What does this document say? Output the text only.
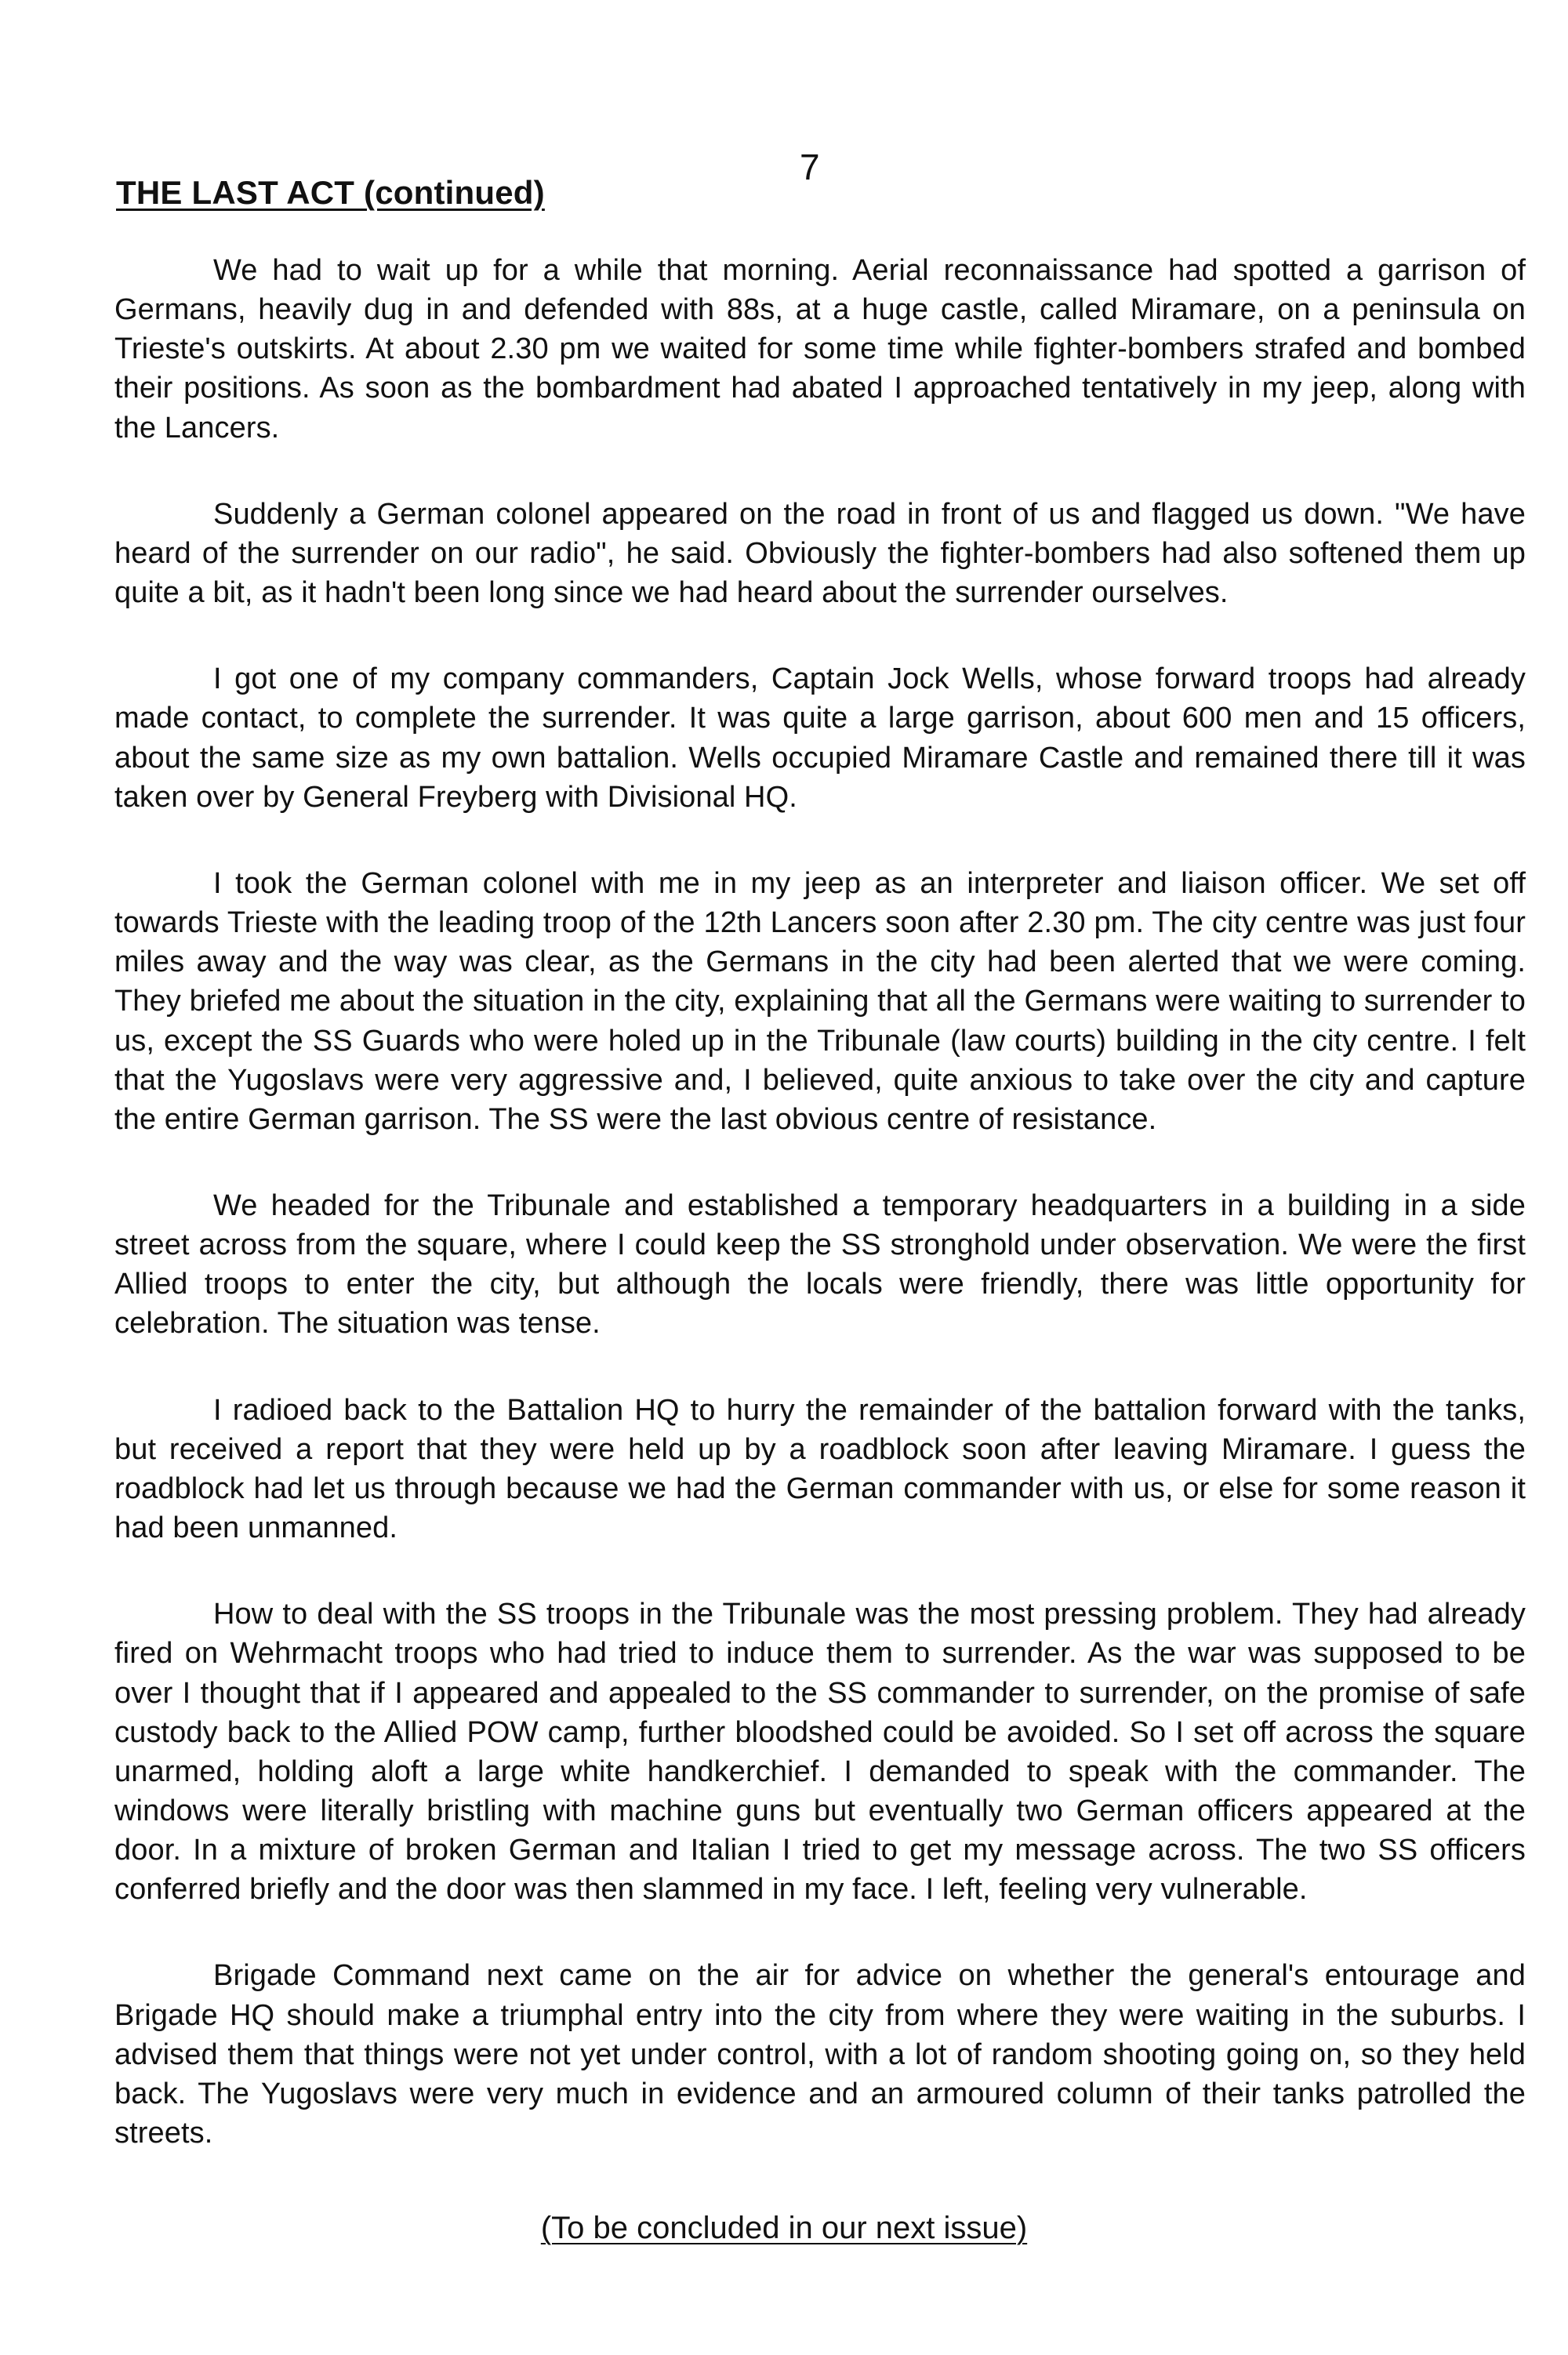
7

THE LAST ACT (continued)

We had to wait up for a while that morning. Aerial reconnaissance had spotted a garrison of Germans, heavily dug in and defended with 88s, at a huge castle, called Miramare, on a peninsula on Trieste's outskirts. At about 2.30 pm we waited for some time while fighter-bombers strafed and bombed their positions. As soon as the bombardment had abated I approached tentatively in my jeep, along with the Lancers.

Suddenly a German colonel appeared on the road in front of us and flagged us down. "We have heard of the surrender on our radio", he said. Obviously the fighter-bombers had also softened them up quite a bit, as it hadn't been long since we had heard about the surrender ourselves.

I got one of my company commanders, Captain Jock Wells, whose forward troops had already made contact, to complete the surrender. It was quite a large garrison, about 600 men and 15 officers, about the same size as my own battalion. Wells occupied Miramare Castle and remained there till it was taken over by General Freyberg with Divisional HQ.

I took the German colonel with me in my jeep as an interpreter and liaison officer. We set off towards Trieste with the leading troop of the 12th Lancers soon after 2.30 pm. The city centre was just four miles away and the way was clear, as the Germans in the city had been alerted that we were coming. They briefed me about the situation in the city, explaining that all the Germans were waiting to surrender to us, except the SS Guards who were holed up in the Tribunale (law courts) building in the city centre. I felt that the Yugoslavs were very aggressive and, I believed, quite anxious to take over the city and capture the entire German garrison. The SS were the last obvious centre of resistance.

We headed for the Tribunale and established a temporary headquarters in a building in a side street across from the square, where I could keep the SS stronghold under observation. We were the first Allied troops to enter the city, but although the locals were friendly, there was little opportunity for celebration. The situation was tense.

I radioed back to the Battalion HQ to hurry the remainder of the battalion forward with the tanks, but received a report that they were held up by a roadblock soon after leaving Miramare. I guess the roadblock had let us through because we had the German commander with us, or else for some reason it had been unmanned.

How to deal with the SS troops in the Tribunale was the most pressing problem. They had already fired on Wehrmacht troops who had tried to induce them to surrender. As the war was supposed to be over I thought that if I appeared and appealed to the SS commander to surrender, on the promise of safe custody back to the Allied POW camp, further bloodshed could be avoided. So I set off across the square unarmed, holding aloft a large white handkerchief. I demanded to speak with the commander. The windows were literally bristling with machine guns but eventually two German officers appeared at the door. In a mixture of broken German and Italian I tried to get my message across. The two SS officers conferred briefly and the door was then slammed in my face. I left, feeling very vulnerable.

Brigade Command next came on the air for advice on whether the general's entourage and Brigade HQ should make a triumphal entry into the city from where they were waiting in the suburbs. I advised them that things were not yet under control, with a lot of random shooting going on, so they held back. The Yugoslavs were very much in evidence and an armoured column of their tanks patrolled the streets.

(To be concluded in our next issue)
